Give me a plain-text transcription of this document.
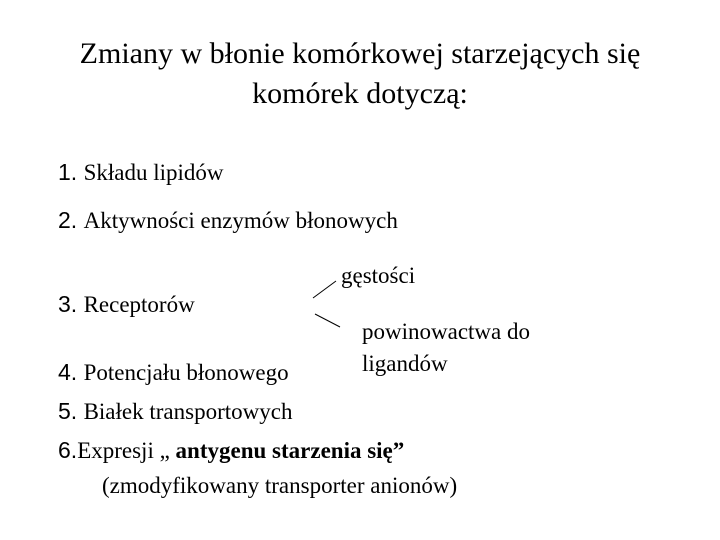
Zmiany w błonie komórkowej starzejących się
komórek dotyczą:
1. Składu lipidów
2. Aktywności enzymów błonowych
3. Receptorów
gęstości
powinowactwa do
ligandów
4. Potencjału błonowego
5. Białek transportowych
6.Expresji „ antygenu starzenia się”
(zmodyfikowany transporter anionów)
